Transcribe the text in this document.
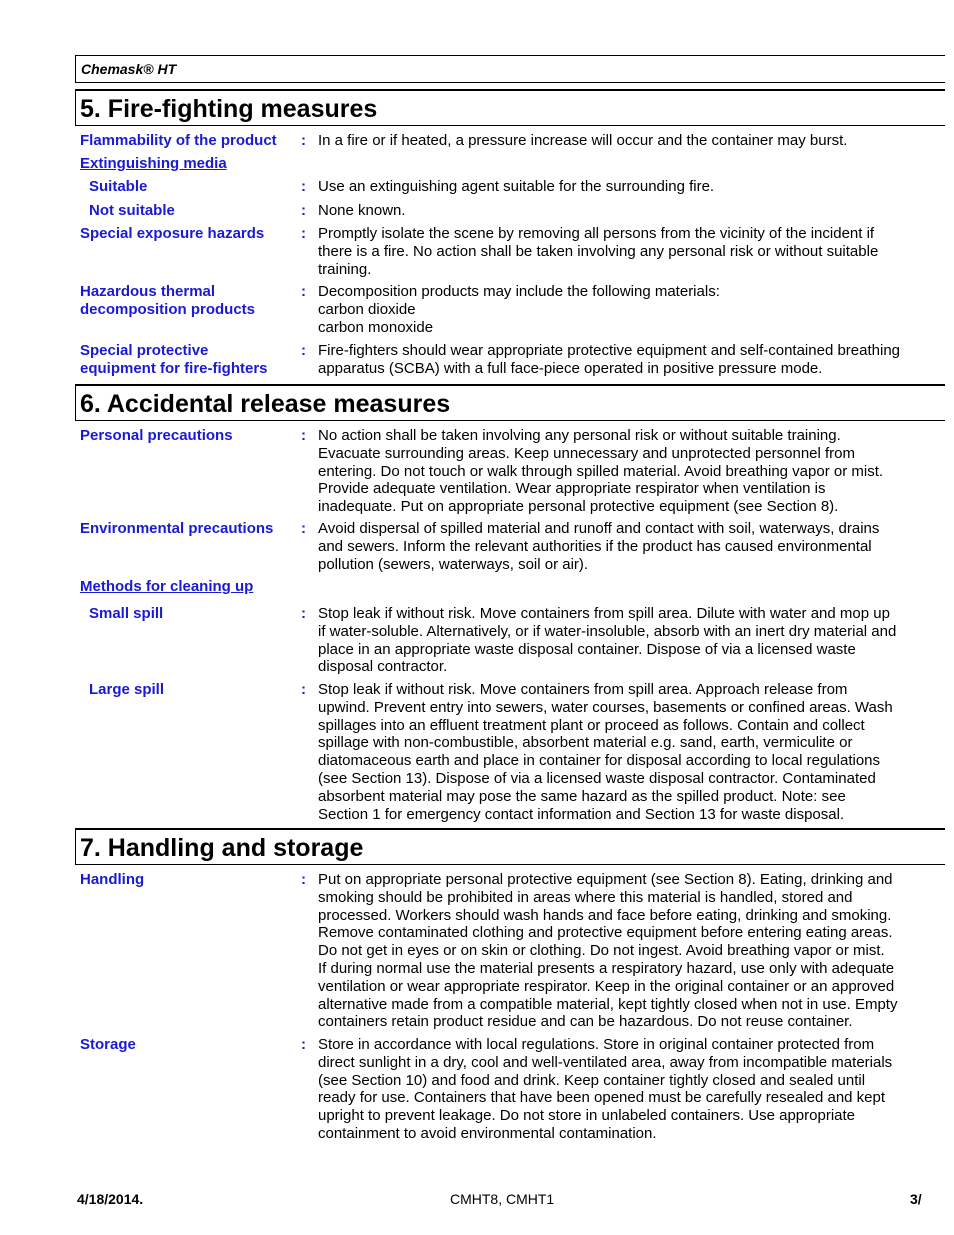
Chemask® HT
5. Fire-fighting measures
Flammability of the product	: In a fire or if heated, a pressure increase will occur and the container may burst.
Extinguishing media
Suitable	: Use an extinguishing agent suitable for the surrounding fire.
Not suitable	: None known.
Special exposure hazards	: Promptly isolate the scene by removing all persons from the vicinity of the incident if
there is a fire. No action shall be taken involving any personal risk or without suitable
training.
Hazardous thermal
decomposition products
: Decomposition products may include the following materials:
carbon dioxide
carbon monoxide
Special protective
equipment for fire-fighters
: Fire-fighters should wear appropriate protective equipment and self-contained breathing
apparatus (SCBA) with a full face-piece operated in positive pressure mode.
6. Accidental release measures
Personal precautions	: No action shall be taken involving any personal risk or without suitable training.
Evacuate surrounding areas. Keep unnecessary and unprotected personnel from
entering. Do not touch or walk through spilled material. Avoid breathing vapor or mist.
Provide adequate ventilation. Wear appropriate respirator when ventilation is
inadequate. Put on appropriate personal protective equipment (see Section 8).
Environmental precautions	: Avoid dispersal of spilled material and runoff and contact with soil, waterways, drains
and sewers. Inform the relevant authorities if the product has caused environmental
pollution (sewers, waterways, soil or air).
Methods for cleaning up
Small spill	: Stop leak if without risk. Move containers from spill area. Dilute with water and mop up
if water-soluble. Alternatively, or if water-insoluble, absorb with an inert dry material and
place in an appropriate waste disposal container. Dispose of via a licensed waste
disposal contractor.
Large spill	: Stop leak if without risk. Move containers from spill area. Approach release from
upwind. Prevent entry into sewers, water courses, basements or confined areas. Wash
spillages into an effluent treatment plant or proceed as follows. Contain and collect
spillage with non-combustible, absorbent material e.g. sand, earth, vermiculite or
diatomaceous earth and place in container for disposal according to local regulations
(see Section 13). Dispose of via a licensed waste disposal contractor. Contaminated
absorbent material may pose the same hazard as the spilled product. Note: see
Section 1 for emergency contact information and Section 13 for waste disposal.
7. Handling and storage
Handling	: Put on appropriate personal protective equipment (see Section 8). Eating, drinking and
smoking should be prohibited in areas where this material is handled, stored and
processed. Workers should wash hands and face before eating, drinking and smoking.
Remove contaminated clothing and protective equipment before entering eating areas.
Do not get in eyes or on skin or clothing. Do not ingest. Avoid breathing vapor or mist.
If during normal use the material presents a respiratory hazard, use only with adequate
ventilation or wear appropriate respirator. Keep in the original container or an approved
alternative made from a compatible material, kept tightly closed when not in use. Empty
containers retain product residue and can be hazardous. Do not reuse container.
Storage	: Store in accordance with local regulations. Store in original container protected from
direct sunlight in a dry, cool and well-ventilated area, away from incompatible materials
(see Section 10) and food and drink. Keep container tightly closed and sealed until
ready for use. Containers that have been opened must be carefully resealed and kept
upright to prevent leakage. Do not store in unlabeled containers. Use appropriate
containment to avoid environmental contamination.
4/18/2014.	CMHT8, CMHT1	3/
